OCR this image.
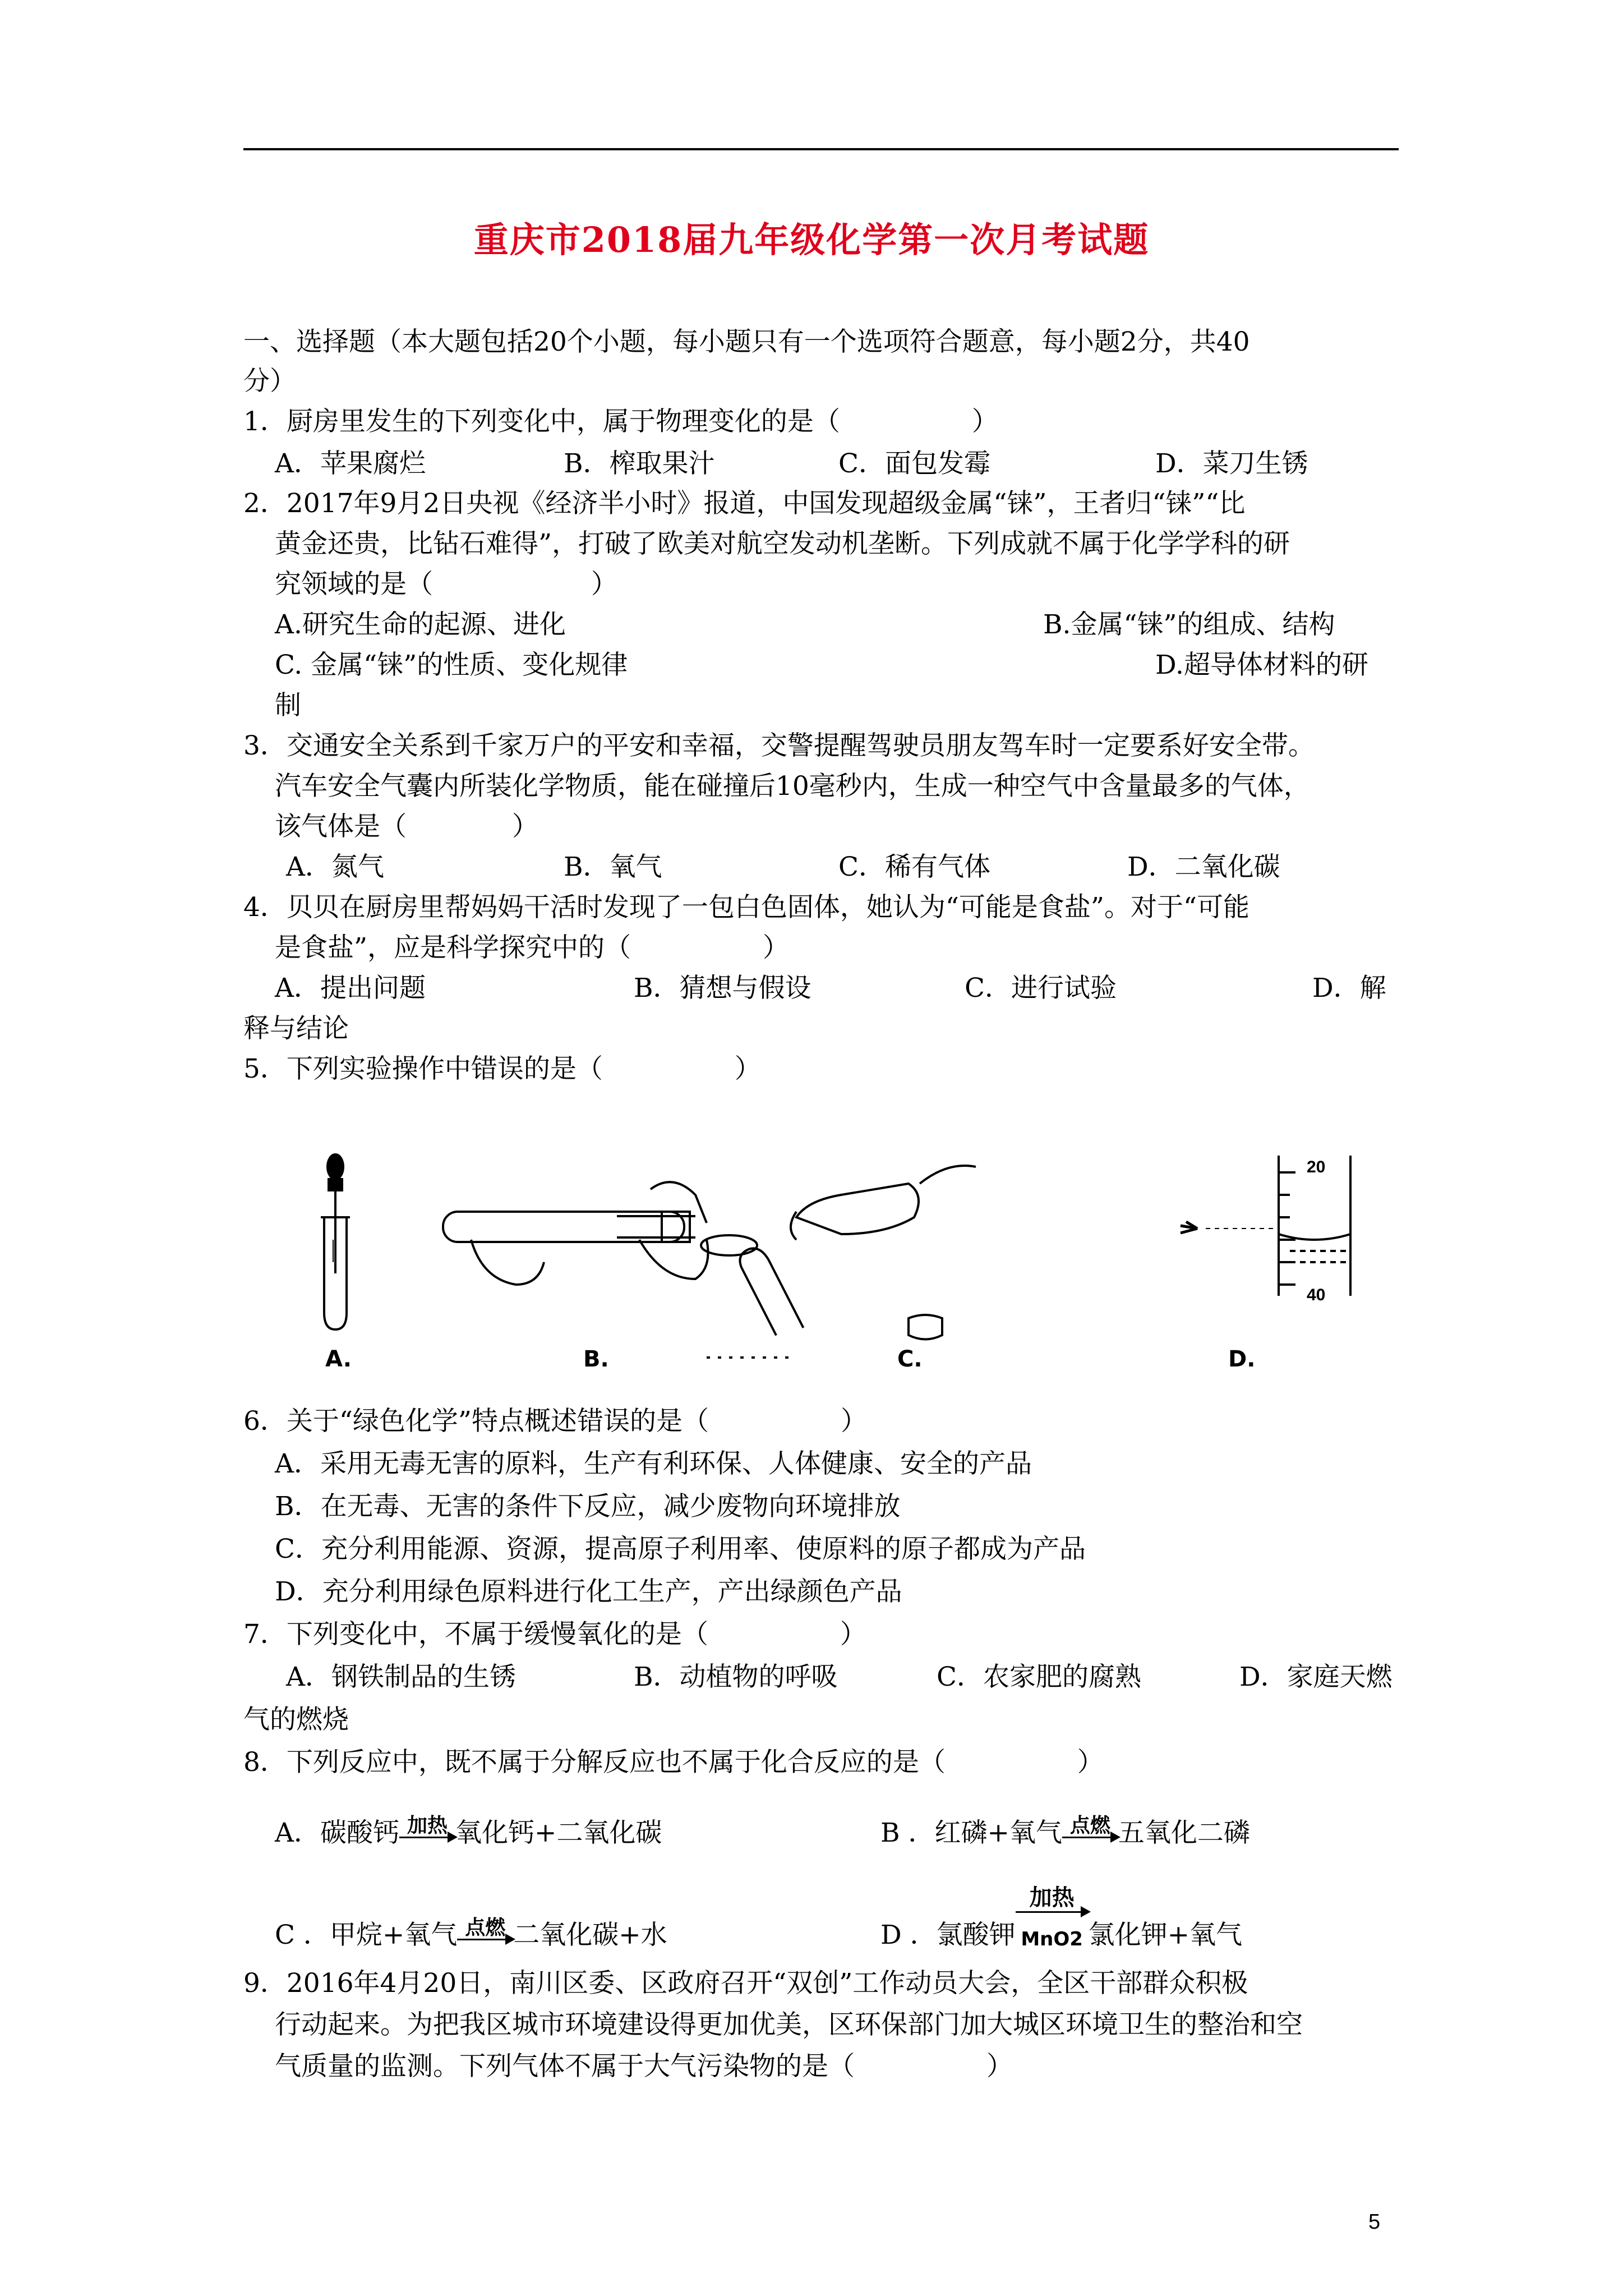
重庆市2018届九年级化学第一次月考试题
一、选择题（本大题包括20个小题，每小题只有一个选项符合题意，每小题2分，共40
分）
1．厨房里发生的下列变化中，属于物理变化的是（　　　　　）
A．苹果腐烂	B．榨取果汁	C．面包发霉	D．菜刀生锈
2．2017年9月2日央视《经济半小时》报道，中国发现超级金属“铼”，王者归“铼”“比
黄金还贵，比钻石难得”，打破了欧美对航空发动机垄断。下列成就不属于化学学科的研
究领域的是（　　　　　　）
A.研究生命的起源、进化	B.金属“铼”的组成、结构
C. 金属“铼”的性质、变化规律	D.超导体材料的研
制
3．交通安全关系到千家万户的平安和幸福，交警提醒驾驶员朋友驾车时一定要系好安全带。
汽车安全气囊内所装化学物质，能在碰撞后10毫秒内，生成一种空气中含量最多的气体，
该气体是（　　　　）
A．氮气	B．氧气	C．稀有气体	D．二氧化碳
4．贝贝在厨房里帮妈妈干活时发现了一包白色固体，她认为“可能是食盐”。对于“可能
是食盐”，应是科学探究中的（　　　　　）
A．提出问题	B．猜想与假设	C．进行试验	D．解
释与结论
5．下列实验操作中错误的是（　　　　　）
20
40
A.	B.	C.	D.
6．关于“绿色化学”特点概述错误的是（　　　　　）
A．采用无毒无害的原料，生产有利环保、人体健康、安全的产品
B．在无毒、无害的条件下反应，减少废物向环境排放
C．充分利用能源、资源，提高原子利用率、使原料的原子都成为产品
D．充分利用绿色原料进行化工生产，产出绿颜色产品
7．下列变化中，不属于缓慢氧化的是（　　　　　）
A．钢铁制品的生锈	B．动植物的呼吸	C．农家肥的腐熟	D．家庭天燃
气的燃烧
8．下列反应中，既不属于分解反应也不属于化合反应的是（　　　　　）
A．碳酸钙 加热 氧化钙+二氧化碳	B ．红磷+氧气 点燃 五氧化二磷
C ．甲烷+氧气 点燃 二氧化碳+水	D ．氯酸钾
加热
MnO2 氯化钾+氧气
9．2016年4月20日，南川区委、区政府召开“双创”工作动员大会，全区干部群众积极
行动起来。为把我区城市环境建设得更加优美，区环保部门加大城区环境卫生的整治和空
气质量的监测。下列气体不属于大气污染物的是（　　　　　）
5
